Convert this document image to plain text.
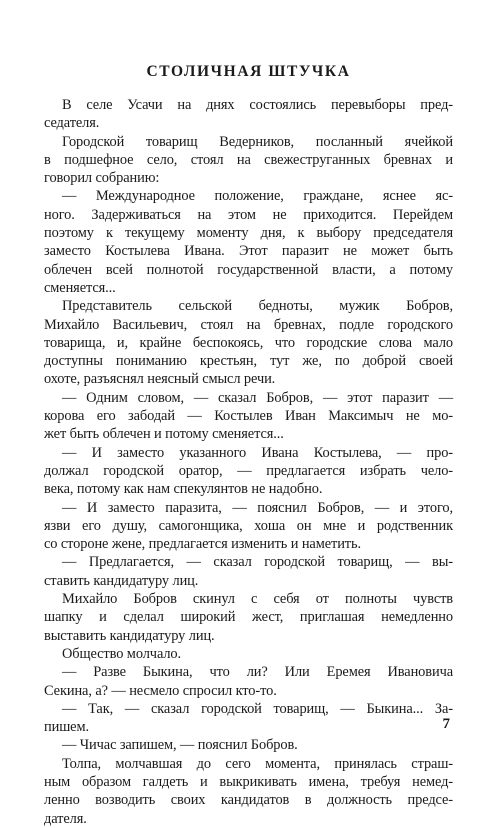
СТОЛИЧНАЯ ШТУЧКА
В селе Усачи на днях состоялись перевыборы пред-
седателя.
Городской товарищ Ведерников, посланный ячейкой
в подшефное село, стоял на свежеструганных бревнах и
говорил собранию:
— Международное положение, граждане, яснее яс-
ного. Задерживаться на этом не приходится. Перейдем
поэтому к текущему моменту дня, к выбору председателя
заместо Костылева Ивана. Этот паразит не может быть
облечен всей полнотой государственной власти, а потому
сменяется...
Представитель сельской бедноты, мужик Бобров,
Михайло Васильевич, стоял на бревнах, подле городского
товарища, и, крайне беспокоясь, что городские слова мало
доступны пониманию крестьян, тут же, по доброй своей
охоте, разъяснял неясный смысл речи.
— Одним словом, — сказал Бобров, — этот паразит —
корова его забодай — Костылев Иван Максимыч не мо-
жет быть облечен и потому сменяется...
— И заместо указанного Ивана Костылева, — про-
должал городской оратор, — предлагается избрать чело-
века, потому как нам спекулянтов не надобно.
— И заместо паразита, — пояснил Бобров, — и этого,
язви его душу, самогонщика, хоша он мне и родственник
со стороне жене, предлагается изменить и наметить.
— Предлагается, — сказал городской товарищ, — вы-
ставить кандидатуру лиц.
Михайло Бобров скинул с себя от полноты чувств
шапку и сделал широкий жест, приглашая немедленно
выставить кандидатуру лиц.
Общество молчало.
— Разве Быкина, что ли? Или Еремея Ивановича
Секина, а? — несмело спросил кто-то.
— Так, — сказал городской товарищ, — Быкина... За-
пишем.
— Чичас запишем, — пояснил Бобров.
Толпа, молчавшая до сего момента, принялась страш-
ным образом галдеть и выкрикивать имена, требуя немед-
ленно возводить своих кандидатов в должность предсе-
дателя.

7
